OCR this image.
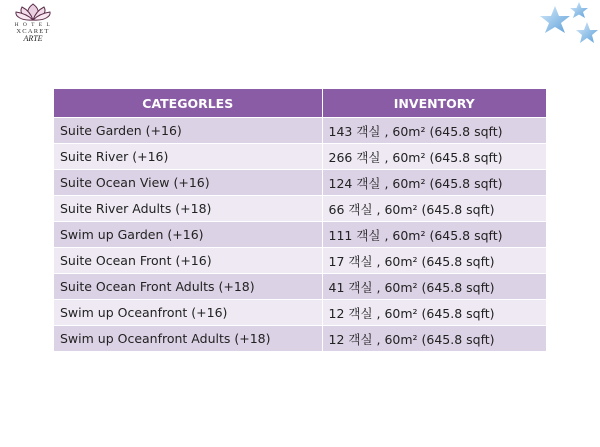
H O T E L
XCARET
ARTE
CATEGORLES	INVENTORY
Suite Garden (+16)	143 객실 , 60m² (645.8 sqft)
Suite River (+16)	266 객실 , 60m² (645.8 sqft)
Suite Ocean View (+16)	124 객실 , 60m² (645.8 sqft)
Suite River Adults (+18)	66 객실 , 60m² (645.8 sqft)
Swim up Garden (+16)	111 객실 , 60m² (645.8 sqft)
Suite Ocean Front (+16)	17 객실 , 60m² (645.8 sqft)
Suite Ocean Front Adults (+18)	41 객실 , 60m² (645.8 sqft)
Swim up Oceanfront (+16)	12 객실 , 60m² (645.8 sqft)
Swim up Oceanfront Adults (+18)	12 객실 , 60m² (645.8 sqft)
